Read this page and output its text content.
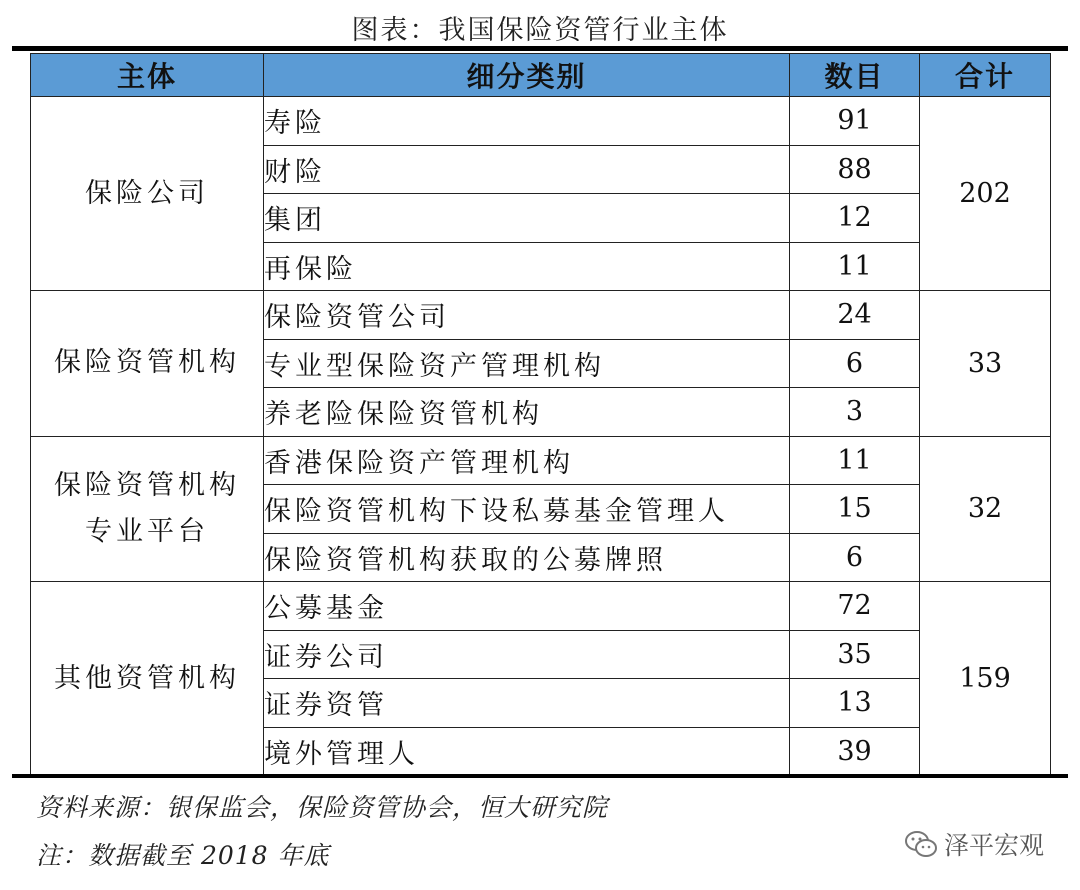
图表：我国保险资管行业主体
主体	细分类别	数目	合计

保险公司	寿险	91	202
	财险	88	
	集团	12	
	再保险	11	

保险资管机构	保险资管公司	24	33
	专业型保险资产管理机构	6	
	养老险保险资管机构	3	

保险资管机构
专业平台	香港保险资产管理机构	11	32
	保险资管机构下设私募基金管理人	15	
	保险资管机构获取的公募牌照	6	

其他资管机构	公募基金	72	159
	证券公司	35	
	证券资管	13	
	境外管理人	39	
资料来源：银保监会，保险资管协会，恒大研究院
注：数据截至 2018 年底	泽平宏观
